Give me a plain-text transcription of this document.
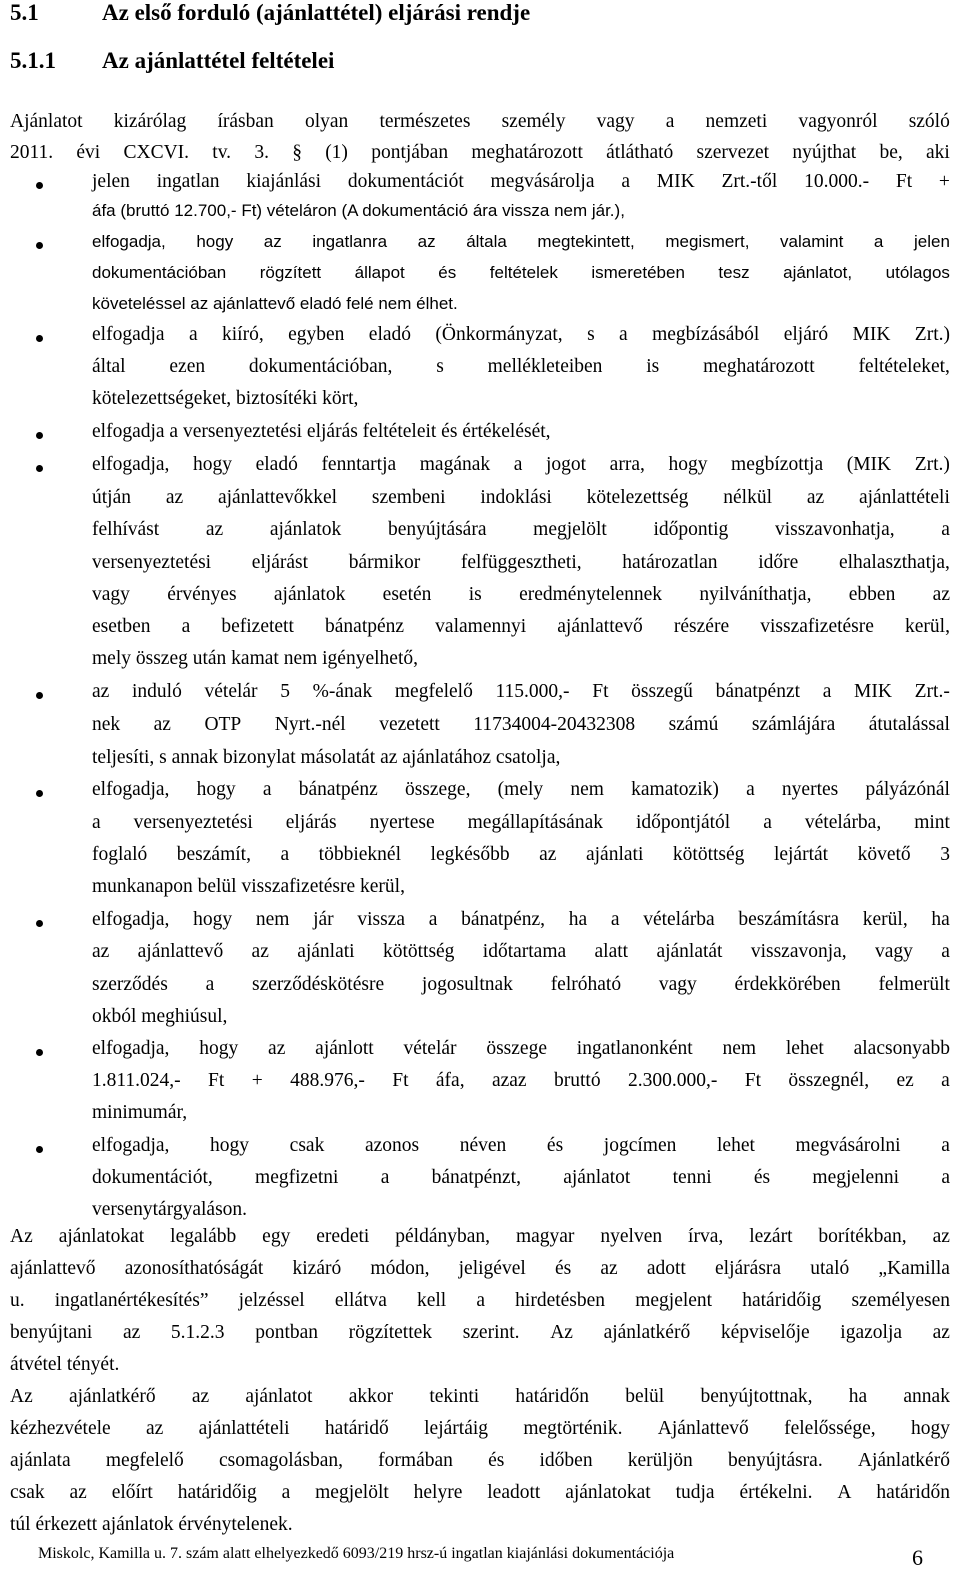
5.1	Az első forduló (ajánlattétel) eljárási rendje
5.1.1 Az ajánlattétel feltételei
Ajánlatot kizárólag írásban olyan természetes személy vagy a nemzeti vagyonról szóló
2011. évi CXCVI. tv. 3. § (1) pontjában meghatározott átlátható szervezet nyújthat be, aki
jelen ingatlan kiajánlási dokumentációt megvásárolja a MIK Zrt.-től 10.000.- Ft +
áfa (bruttó 12.700,- Ft) vételáron (A dokumentáció ára vissza nem jár.),
elfogadja, hogy az ingatlanra az általa megtekintett, megismert, valamint a jelen
dokumentációban rögzített állapot és feltételek ismeretében tesz ajánlatot, utólagos
követeléssel az ajánlattevő eladó felé nem élhet.
elfogadja a kiíró, egyben eladó (Önkormányzat, s a megbízásából eljáró MIK Zrt.)
által ezen dokumentációban, s mellékleteiben is meghatározott feltételeket,
kötelezettségeket, biztosítéki kört,
elfogadja a versenyeztetési eljárás feltételeit és értékelését,
elfogadja, hogy eladó fenntartja magának a jogot arra, hogy megbízottja (MIK Zrt.)
útján az ajánlattevőkkel szembeni indoklási kötelezettség nélkül az ajánlattételi
felhívást az ajánlatok benyújtására megjelölt időpontig visszavonhatja, a
versenyeztetési eljárást bármikor felfüggesztheti, határozatlan időre elhalaszthatja,
vagy érvényes ajánlatok esetén is eredménytelennek nyilváníthatja, ebben az
esetben a befizetett bánatpénz valamennyi ajánlattevő részére visszafizetésre kerül,
mely összeg után kamat nem igényelhető,
az induló vételár 5 %-ának megfelelő 115.000,- Ft összegű bánatpénzt a MIK Zrt.-
nek az OTP Nyrt.-nél vezetett 11734004-20432308 számú számlájára átutalással
teljesíti, s annak bizonylat másolatát az ajánlatához csatolja,
elfogadja, hogy a bánatpénz összege, (mely nem kamatozik) a nyertes pályázónál
a versenyeztetési eljárás nyertese megállapításának időpontjától a vételárba, mint
foglaló beszámít, a többieknél legkésőbb az ajánlati kötöttség lejártát követő 3
munkanapon belül visszafizetésre kerül,
elfogadja, hogy nem jár vissza a bánatpénz, ha a vételárba beszámításra kerül, ha
az ajánlattevő az ajánlati kötöttség időtartama alatt ajánlatát visszavonja, vagy a
szerződés a szerződéskötésre jogosultnak felróható vagy érdekkörében felmerült
okból meghiúsul,
elfogadja, hogy az ajánlott vételár összege ingatlanonként nem lehet alacsonyabb
1.811.024,- Ft + 488.976,- Ft áfa, azaz bruttó 2.300.000,- Ft összegnél, ez a
minimumár,
elfogadja, hogy csak azonos néven és jogcímen lehet megvásárolni a
dokumentációt, megfizetni a bánatpénzt, ajánlatot tenni és megjelenni a
versenytárgyaláson.
Az ajánlatokat legalább egy eredeti példányban, magyar nyelven írva, lezárt borítékban, az
ajánlattevő azonosíthatóságát kizáró módon, jeligével és az adott eljárásra utaló „Kamilla
u. ingatlanértékesítés” jelzéssel ellátva kell a hirdetésben megjelent határidőig személyesen
benyújtani az 5.1.2.3 pontban rögzítettek szerint. Az ajánlatkérő képviselője igazolja az
átvétel tényét.
Az ajánlatkérő az ajánlatot akkor tekinti határidőn belül benyújtottnak, ha annak
kézhezvétele az ajánlattételi határidő lejártáig megtörténik. Ajánlattevő felelőssége, hogy
ajánlata megfelelő csomagolásban, formában és időben kerüljön benyújtásra. Ajánlatkérő
csak az előírt határidőig a megjelölt helyre leadott ajánlatokat tudja értékelni. A határidőn
túl érkezett ajánlatok érvénytelenek.
Miskolc, Kamilla u. 7. szám alatt elhelyezkedő 6093/219 hrsz-ú ingatlan kiajánlási dokumentációja	6
